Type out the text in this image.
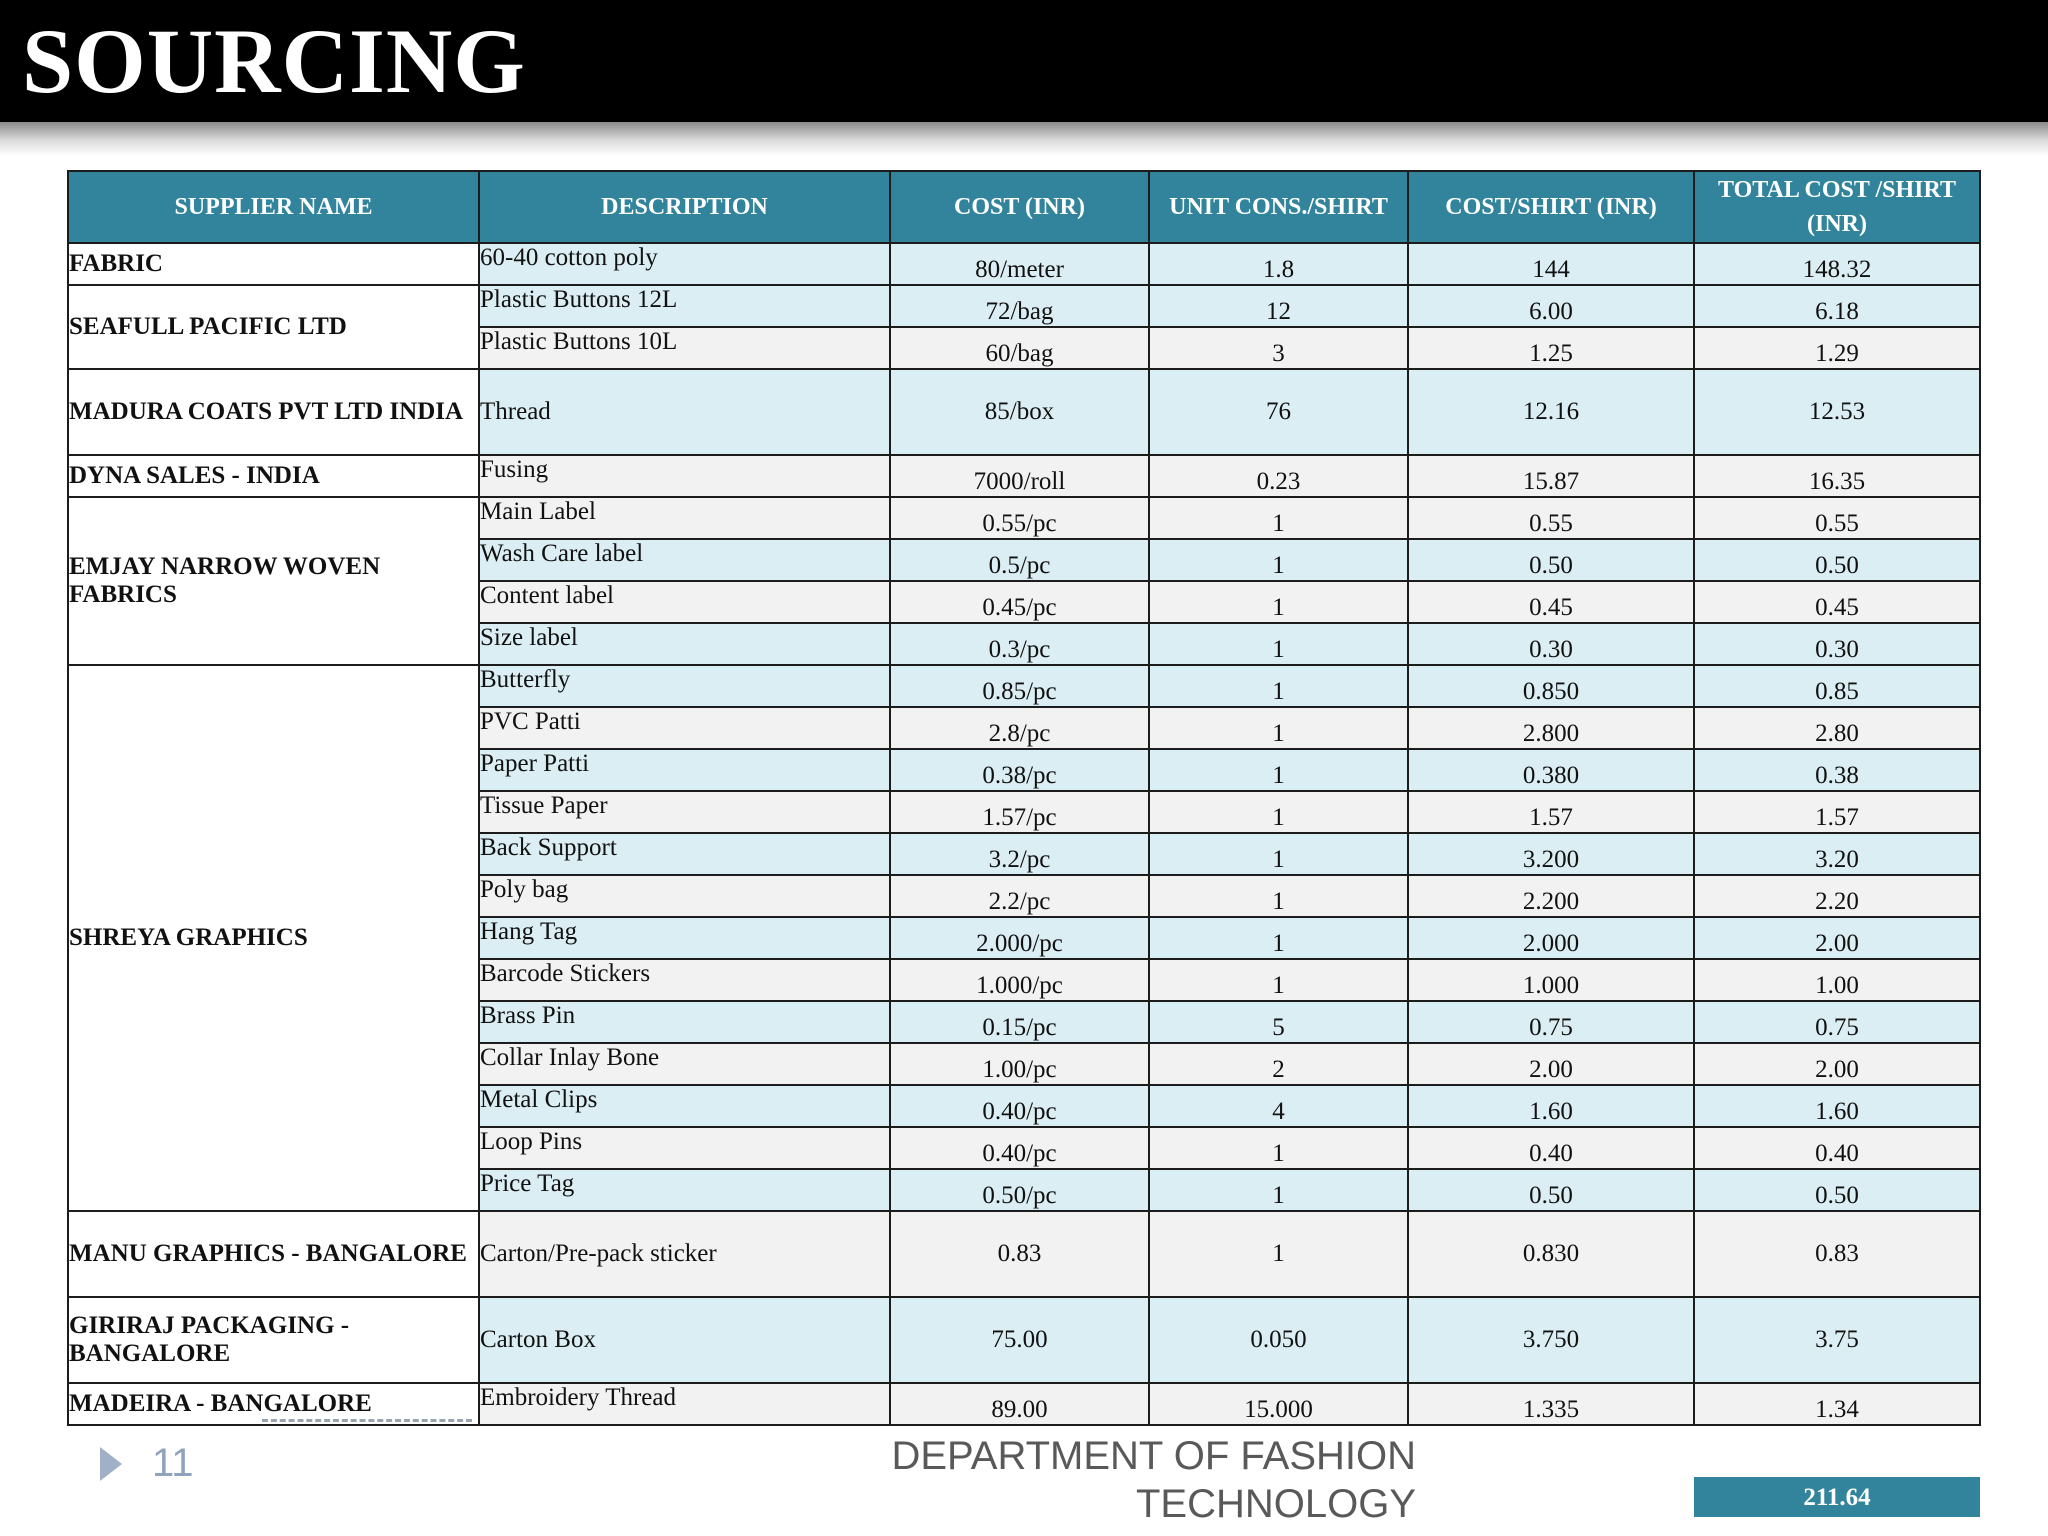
SOURCING
SUPPLIER NAME	DESCRIPTION	COST (INR)	UNIT CONS./SHIRT	COST/SHIRT (INR)	TOTAL COST /SHIRT (INR)
FABRIC	60-40 cotton poly	80/meter	1.8	144	148.32
SEAFULL PACIFIC LTD	Plastic Buttons 12L	72/bag	12	6.00	6.18
	Plastic Buttons 10L	60/bag	3	1.25	1.29
MADURA COATS PVT LTD INDIA	Thread	85/box	76	12.16	12.53
DYNA SALES - INDIA	Fusing	7000/roll	0.23	15.87	16.35
EMJAY NARROW WOVEN FABRICS	Main Label	0.55/pc	1	0.55	0.55
	Wash Care label	0.5/pc	1	0.50	0.50
	Content label	0.45/pc	1	0.45	0.45
	Size label	0.3/pc	1	0.30	0.30
SHREYA GRAPHICS	Butterfly	0.85/pc	1	0.850	0.85
	PVC Patti	2.8/pc	1	2.800	2.80
	Paper Patti	0.38/pc	1	0.380	0.38
	Tissue Paper	1.57/pc	1	1.57	1.57
	Back Support	3.2/pc	1	3.200	3.20
	Poly bag	2.2/pc	1	2.200	2.20
	Hang Tag	2.000/pc	1	2.000	2.00
	Barcode Stickers	1.000/pc	1	1.000	1.00
	Brass Pin	0.15/pc	5	0.75	0.75
	Collar Inlay Bone	1.00/pc	2	2.00	2.00
	Metal Clips	0.40/pc	4	1.60	1.60
	Loop Pins	0.40/pc	1	0.40	0.40
	Price Tag	0.50/pc	1	0.50	0.50
MANU GRAPHICS - BANGALORE	Carton/Pre-pack sticker	0.83	1	0.830	0.83
GIRIRAJ PACKAGING - BANGALORE	Carton Box	75.00	0.050	3.750	3.75
MADEIRA - BANGALORE	Embroidery Thread	89.00	15.000	1.335	1.34
211.64
11	DEPARTMENT OF FASHION
TECHNOLOGY
